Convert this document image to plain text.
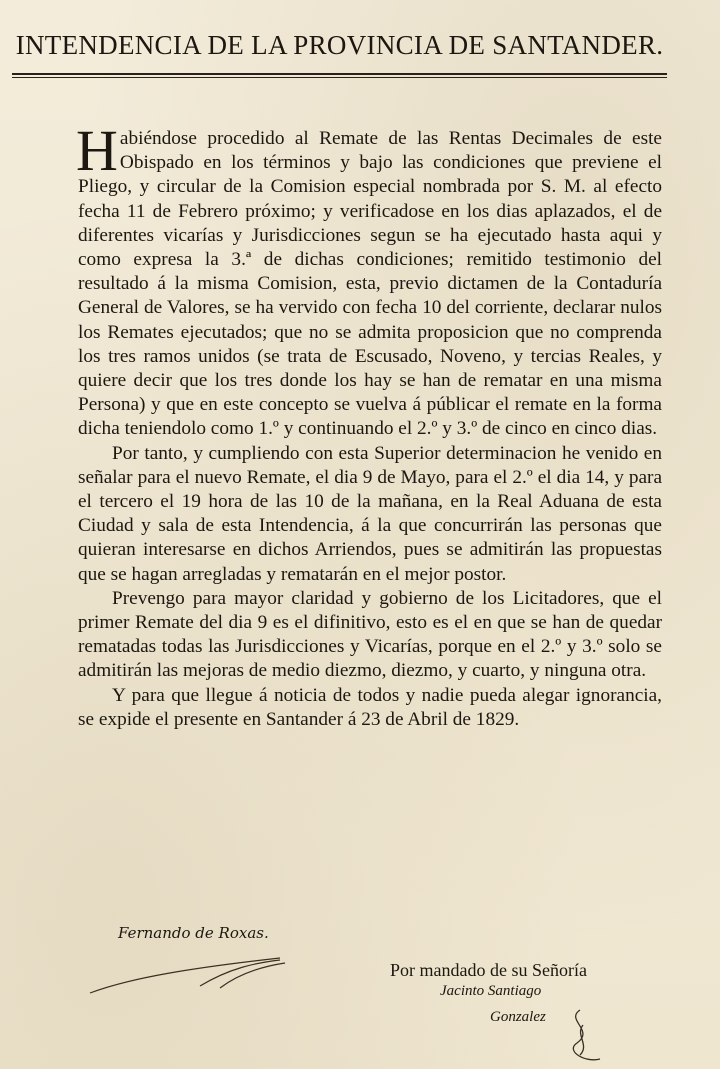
INTENDENCIA DE LA PROVINCIA DE SANTANDER.

Habiéndose procedido al Remate de las Rentas Decimales de este Obispado en los términos y bajo las condiciones que previene el Pliego, y circular de la Comision especial nombrada por S. M. al efecto fecha 11 de Febrero próximo; y verificadose en los dias aplazados, el de diferentes vicarías y Jurisdicciones segun se ha ejecutado hasta aqui y como expresa la 3.ª de dichas condiciones; remitido testimonio del resultado á la misma Comision, esta, previo dictamen de la Contaduría General de Valores, se ha vervido con fecha 10 del corriente, declarar nulos los Remates ejecutados; que no se admita proposicion que no comprenda los tres ramos unidos (se trata de Escusado, Noveno, y tercias Reales, y quiere decir que los tres donde los hay se han de rematar en una misma Persona) y que en este concepto se vuelva á públicar el remate en la forma dicha teniendolo como 1.º y continuando el 2.º y 3.º de cinco en cinco dias.

Por tanto, y cumpliendo con esta Superior determinacion he venido en señalar para el nuevo Remate, el dia 9 de Mayo, para el 2.º el dia 14, y para el tercero el 19 hora de las 10 de la mañana, en la Real Aduana de esta Ciudad y sala de esta Intendencia, á la que concurrirán las personas que quieran interesarse en dichos Arriendos, pues se admitirán las propuestas que se hagan arregladas y rematarán en el mejor postor.

Prevengo para mayor claridad y gobierno de los Licitadores, que el primer Remate del dia 9 es el difinitivo, esto es el en que se han de quedar rematadas todas las Jurisdicciones y Vicarías, porque en el 2.º y 3.º solo se admitirán las mejoras de medio diezmo, diezmo, y cuarto, y ninguna otra.

Y para que llegue á noticia de todos y nadie pueda alegar ignorancia, se expide el presente en Santander á 23 de Abril de 1829.

Fernando de Roxas.
Por mandado de su Señoría
Jacinto Santiago
Gonzalez
